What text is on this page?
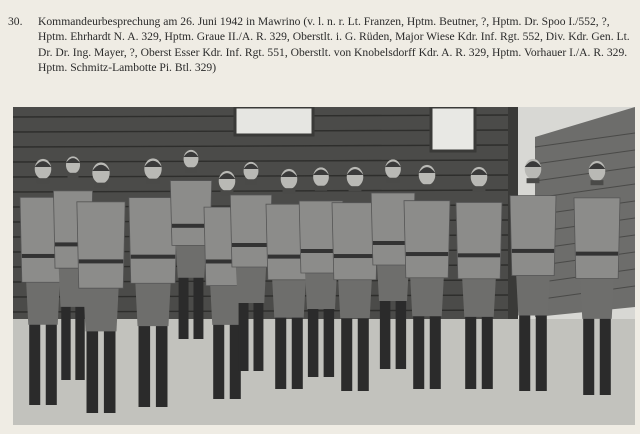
30. Kommandeurbesprechung am 26. Juni 1942 in Mawrino (v. l. n. r. Lt. Franzen, Hptm. Beutner, ?, Hptm. Dr. Spoo I./552, ?, Hptm. Ehrhardt N. A. 329, Hptm. Graue II./A. R. 329, Oberstlt. i. G. Rüden, Major Wiese Kdr. Inf. Rgt. 552, Div. Kdr. Gen. Lt. Dr. Dr. Ing. Mayer, ?, Oberst Esser Kdr. Inf. Rgt. 551, Oberstlt. von Knobelsdorff Kdr. A. R. 329, Hptm. Vorhauer I./A. R. 329. Hptm. Schmitz-Lambotte Pi. Btl. 329)
